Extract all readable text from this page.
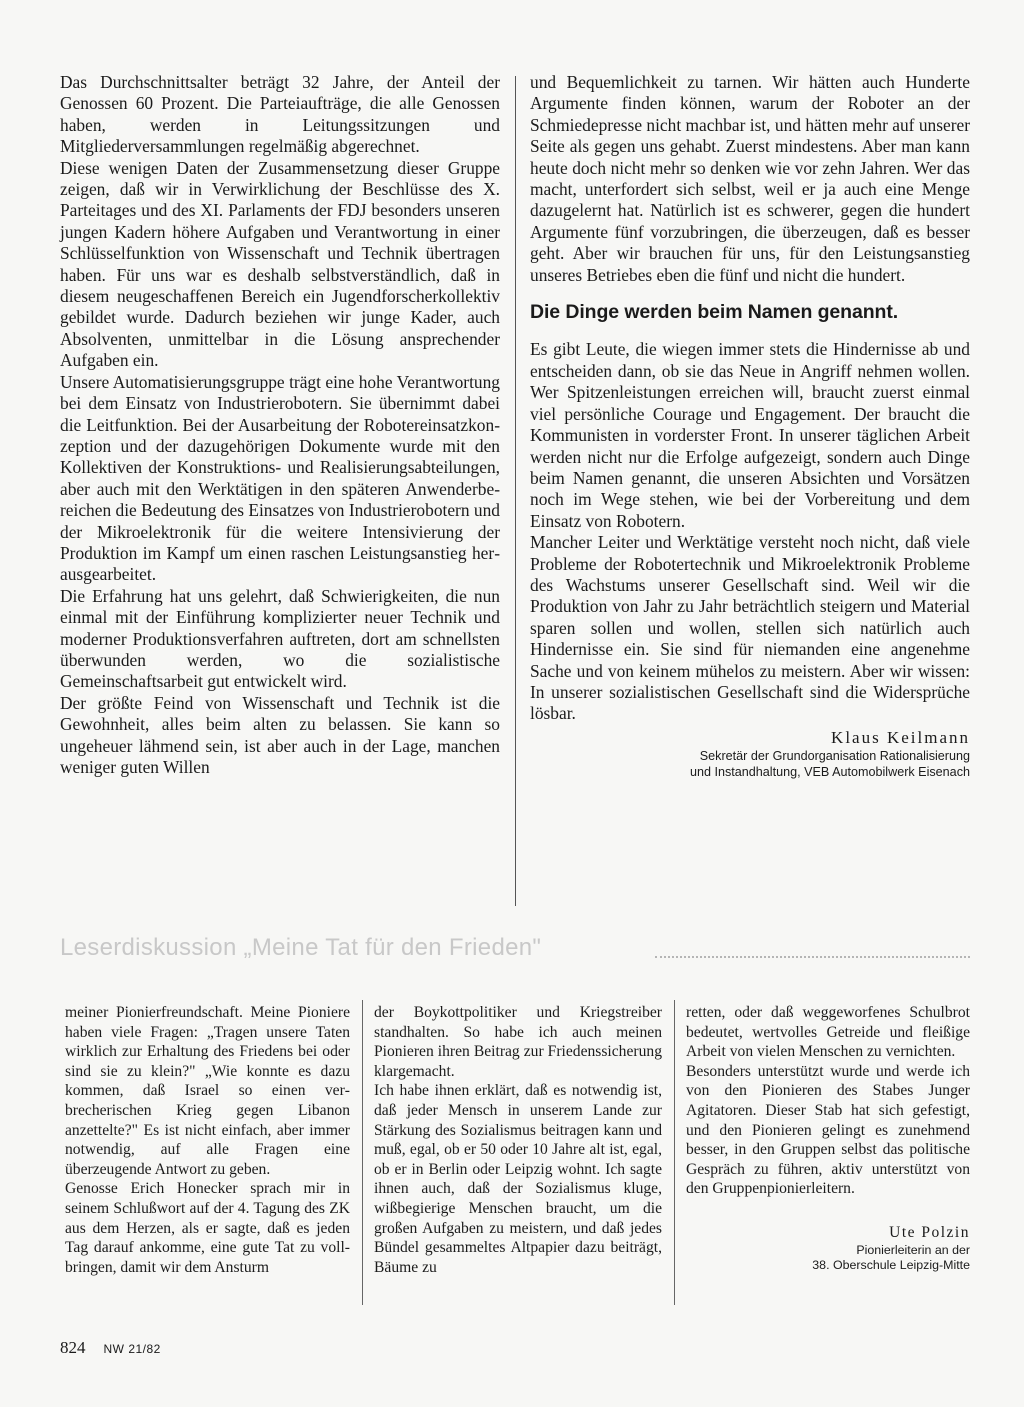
Das Durchschnittsalter beträgt 32 Jahre, der Anteil der Genossen 60 Prozent. Die Parteiaufträge, die alle Genossen haben, werden in Leitungssitzungen und Mitgliederversammlungen regelmäßig abgerechnet.

Diese wenigen Daten der Zusammensetzung dieser Gruppe zeigen, daß wir in Verwirklichung der Beschlüsse des X. Parteitages und des XI. Parlaments der FDJ besonders unseren jungen Kadern höhere Aufgaben und Verantwortung in einer Schlüsselfunktion von Wissenschaft und Technik übertragen haben. Für uns war es deshalb selbstverständlich, daß in diesem neugeschaffenen Bereich ein Jugendforscherkollektiv gebildet wurde. Dadurch beziehen wir junge Kader, auch Absolventen, unmittelbar in die Lösung ansprechender Aufgaben ein.

Unsere Automatisierungsgruppe trägt eine hohe Verantwortung bei dem Einsatz von Industrierobotern. Sie übernimmt dabei die Leitfunktion. Bei der Ausarbeitung der Robotereinsatzkonzeption und der dazugehörigen Dokumente wurde mit den Kollektiven der Konstruktions- und Realisierungsabteilungen, aber auch mit den Werktätigen in den späteren Anwenderbereichen die Bedeutung des Einsatzes von Industrierobotern und der Mikroelektronik für die weitere Intensivierung der Produktion im Kampf um einen raschen Leistungsanstieg herausgearbeitet.

Die Erfahrung hat uns gelehrt, daß Schwierigkeiten, die nun einmal mit der Einführung komplizierter neuer Technik und moderner Produktionsverfahren auftreten, dort am schnellsten überwunden werden, wo die sozialistische Gemeinschaftsarbeit gut entwickelt wird.

Der größte Feind von Wissenschaft und Technik ist die Gewohnheit, alles beim alten zu belassen. Sie kann so ungeheuer lähmend sein, ist aber auch in der Lage, manchen weniger guten Willen

und Bequemlichkeit zu tarnen. Wir hätten auch Hunderte Argumente finden können, warum der Roboter an der Schmiedepresse nicht machbar ist, und hätten mehr auf unserer Seite als gegen uns gehabt. Zuerst mindestens. Aber man kann heute doch nicht mehr so denken wie vor zehn Jahren. Wer das macht, unterfordert sich selbst, weil er ja auch eine Menge dazugelernt hat. Natürlich ist es schwerer, gegen die hundert Argumente fünf vorzubringen, die überzeugen, daß es besser geht. Aber wir brauchen für uns, für den Leistungsanstieg unseres Betriebes eben die fünf und nicht die hundert.

Die Dinge werden beim Namen genannt.

Es gibt Leute, die wiegen immer stets die Hindernisse ab und entscheiden dann, ob sie das Neue in Angriff nehmen wollen. Wer Spitzenleistungen erreichen will, braucht zuerst einmal viel persönliche Courage und Engagement. Der braucht die Kommunisten in vorderster Front. In unserer täglichen Arbeit werden nicht nur die Erfolge aufgezeigt, sondern auch Dinge beim Namen genannt, die unseren Absichten und Vorsätzen noch im Wege stehen, wie bei der Vorbereitung und dem Einsatz von Robotern.

Mancher Leiter und Werktätige versteht noch nicht, daß viele Probleme der Robotertechnik und Mikroelektronik Probleme des Wachstums unserer Gesellschaft sind. Weil wir die Produktion von Jahr zu Jahr beträchtlich steigern und Material sparen sollen und wollen, stellen sich natürlich auch Hindernisse ein. Sie sind für niemanden eine angenehme Sache und von keinem mühelos zu meistern. Aber wir wissen: In unserer sozialistischen Gesellschaft sind die Widersprüche lösbar.

Klaus Keilmann
Sekretär der Grundorganisation Rationalisierung
und Instandhaltung, VEB Automobilwerk Eisenach
Leserdiskussion „Meine Tat für den Frieden"

meiner Pionierfreundschaft. Meine Pioniere haben viele Fragen: „Tragen unsere Taten wirklich zur Erhaltung des Friedens bei oder sind sie zu klein?" „Wie konnte es dazu kommen, daß Israel so einen verbrecherischen Krieg gegen Libanon anzettelte?" Es ist nicht einfach, aber immer notwendig, auf alle Fragen eine überzeugende Antwort zu geben.

Genosse Erich Honecker sprach mir in seinem Schlußwort auf der 4. Tagung des ZK aus dem Herzen, als er sagte, daß es jeden Tag darauf ankomme, eine gute Tat zu vollbringen, damit wir dem Ansturm

der Boykottpolitiker und Kriegstreiber standhalten. So habe ich auch meinen Pionieren ihren Beitrag zur Friedenssicherung klargemacht.

Ich habe ihnen erklärt, daß es notwendig ist, daß jeder Mensch in unserem Lande zur Stärkung des Sozialismus beitragen kann und muß, egal, ob er 50 oder 10 Jahre alt ist, egal, ob er in Berlin oder Leipzig wohnt. Ich sagte ihnen auch, daß der Sozialismus kluge, wißbegierige Menschen braucht, um die großen Aufgaben zu meistern, und daß jedes Bündel gesammeltes Altpapier dazu beiträgt, Bäume zu

retten, oder daß weggeworfenes Schulbrot bedeutet, wertvolles Getreide und fleißige Arbeit von vielen Menschen zu vernichten.

Besonders unterstützt wurde und werde ich von den Pionieren des Stabes Junger Agitatoren. Dieser Stab hat sich gefestigt, und den Pionieren gelingt es zunehmend besser, in den Gruppen selbst das politische Gespräch zu führen, aktiv unterstützt von den Gruppenpionierleitern.

Ute Polzin
Pionierleiterin an der
38. Oberschule Leipzig-Mitte
824 NW 21/82
